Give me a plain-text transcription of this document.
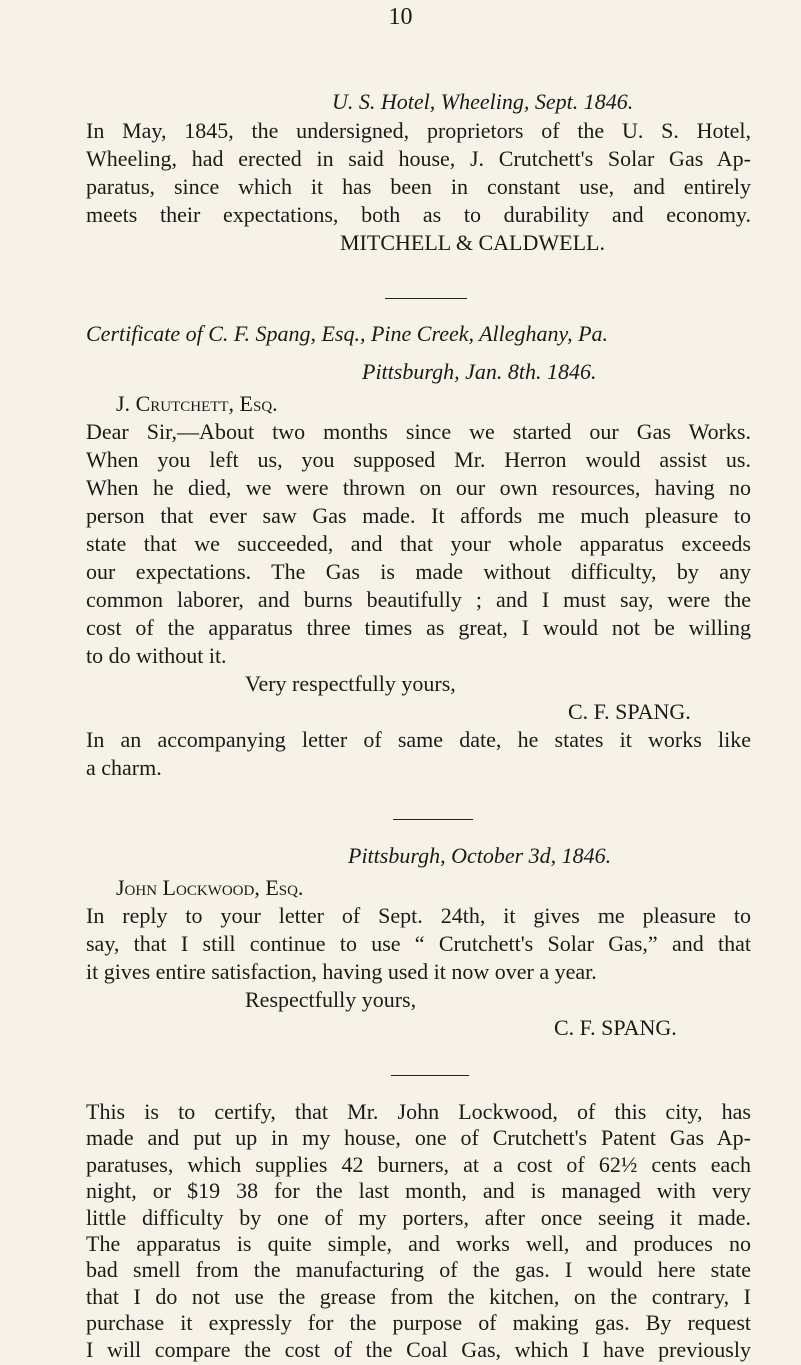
10
U. S. Hotel, Wheeling, Sept. 1846.
In May, 1845, the undersigned, proprietors of the U. S. Hotel,
Wheeling, had erected in said house, J. Crutchett's Solar Gas Ap-
paratus, since which it has been in constant use, and entirely
meets their expectations, both as to durability and economy.
MITCHELL & CALDWELL.
Certificate of C. F. Spang, Esq., Pine Creek, Alleghany, Pa.
Pittsburgh, Jan. 8th. 1846.
J. Crutchett, Esq.
Dear Sir,—About two months since we started our Gas Works.
When you left us, you supposed Mr. Herron would assist us.
When he died, we were thrown on our own resources, having no
person that ever saw Gas made. It affords me much pleasure to
state that we succeeded, and that your whole apparatus exceeds
our expectations. The Gas is made without difficulty, by any
common laborer, and burns beautifully ; and I must say, were the
cost of the apparatus three times as great, I would not be willing
to do without it.
Very respectfully yours,
C. F. SPANG.
In an accompanying letter of same date, he states it works like
a charm.
Pittsburgh, October 3d, 1846.
John Lockwood, Esq.
In reply to your letter of Sept. 24th, it gives me pleasure to
say, that I still continue to use “ Crutchett's Solar Gas,” and that
it gives entire satisfaction, having used it now over a year.
Respectfully yours,
C. F. SPANG.
This is to certify, that Mr. John Lockwood, of this city, has
made and put up in my house, one of Crutchett's Patent Gas Ap-
paratuses, which supplies 42 burners, at a cost of 62½ cents each
night, or $19 38 for the last month, and is managed with very
little difficulty by one of my porters, after once seeing it made.
The apparatus is quite simple, and works well, and produces no
bad smell from the manufacturing of the gas. I would here state
that I do not use the grease from the kitchen, on the contrary, I
purchase it expressly for the purpose of making gas. By request
I will compare the cost of the Coal Gas, which I have previously
